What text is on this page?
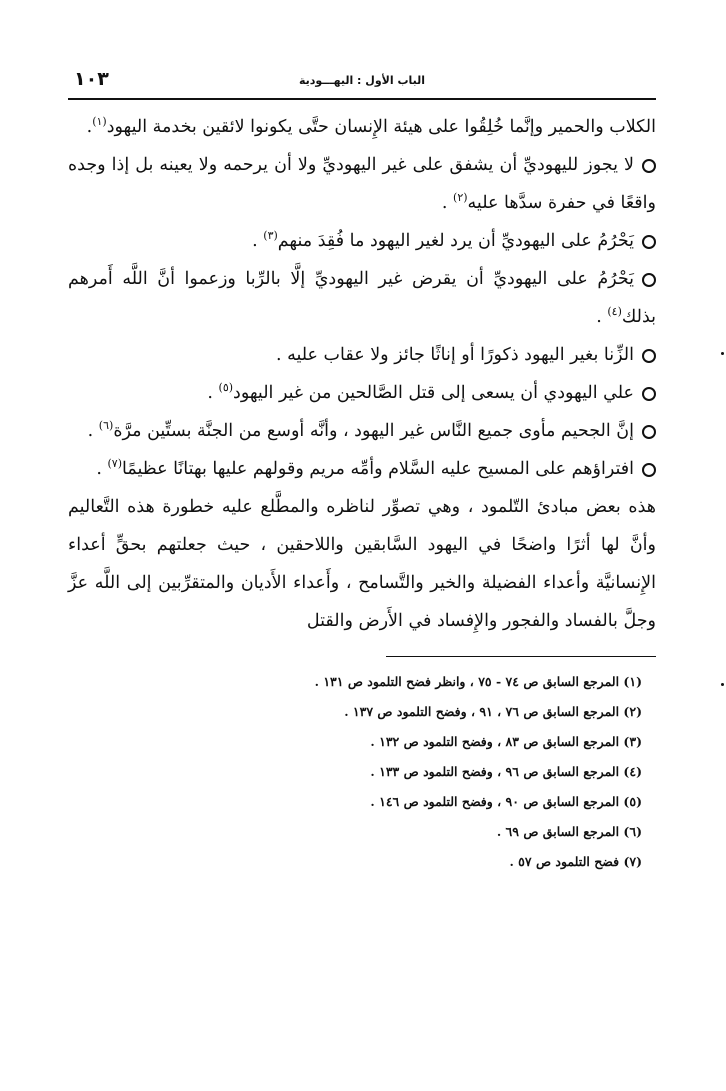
الباب الأول : اليهـــودية
١٠٣
الكلاب والحمير وإنَّما خُلِقُوا على هيئة الإِنسان حتَّى يكونوا لائقين بخدمة اليهود$^{(١)}$.
لا يجوز لليهوديِّ أن يشفق على غير اليهوديِّ ولا أن يرحمه ولا يعينه بل إذا وجده واقعًا في حفرة سدَّها عليه$^{(٢)}$ .
يَحْرُمُ على اليهوديِّ أن يرد لغير اليهود ما فُقِدَ منهم$^{(٣)}$ .
يَحْرُمُ على اليهوديِّ أن يقرض غير اليهوديِّ إلَّا بالرِّبا وزعموا أنَّ اللَّه أَمرهم بذلك$^{(٤)}$ .
الزِّنا بغير اليهود ذكورًا أو إناثًا جائز ولا عقاب عليه .
علي اليهودي أن يسعى إلى قتل الصَّالحين من غير اليهود$^{(٥)}$ .
إنَّ الجحيم مأوى جميع النَّاس غير اليهود ، وأنَّه أوسع من الجنَّة بستِّين مرَّة$^{(٦)}$ .
افتراؤهم على المسيح عليه السَّلام وأمِّه مريم وقولهم عليها بهتانًا عظيمًا$^{(٧)}$ .
هذه بعض مبادئ التّلمود ، وهي تصوِّر لناظره والمطَّلع عليه خطورة هذه التَّعاليم وأنَّ لها أثرًا واضحًا في اليهود السَّابقين واللاحقين ، حيث جعلتهم بحقٍّ أعداء الإِنسانيَّة وأعداء الفضيلة والخير والتَّسامح ، وأَعداء الأَديان والمتقرِّبين إلى اللَّه عزَّ وجلَّ بالفساد والفجور والإِفساد في الأَرض والقتل
(١) المرجع السابق ص ٧٤ - ٧٥ ، وانظر فضح التلمود ص ١٣١ .
(٢) المرجع السابق ص ٧٦ ، ٩١ ، وفضح التلمود ص ١٣٧ .
(٣) المرجع السابق ص ٨٣ ، وفضح التلمود ص ١٣٢ .
(٤) المرجع السابق ص ٩٦ ، وفضح التلمود ص ١٣٣ .
(٥) المرجع السابق ص ٩٠ ، وفضح التلمود ص ١٤٦ .
(٦) المرجع السابق ص ٦٩ .
(٧) فضح التلمود ص ٥٧ .
